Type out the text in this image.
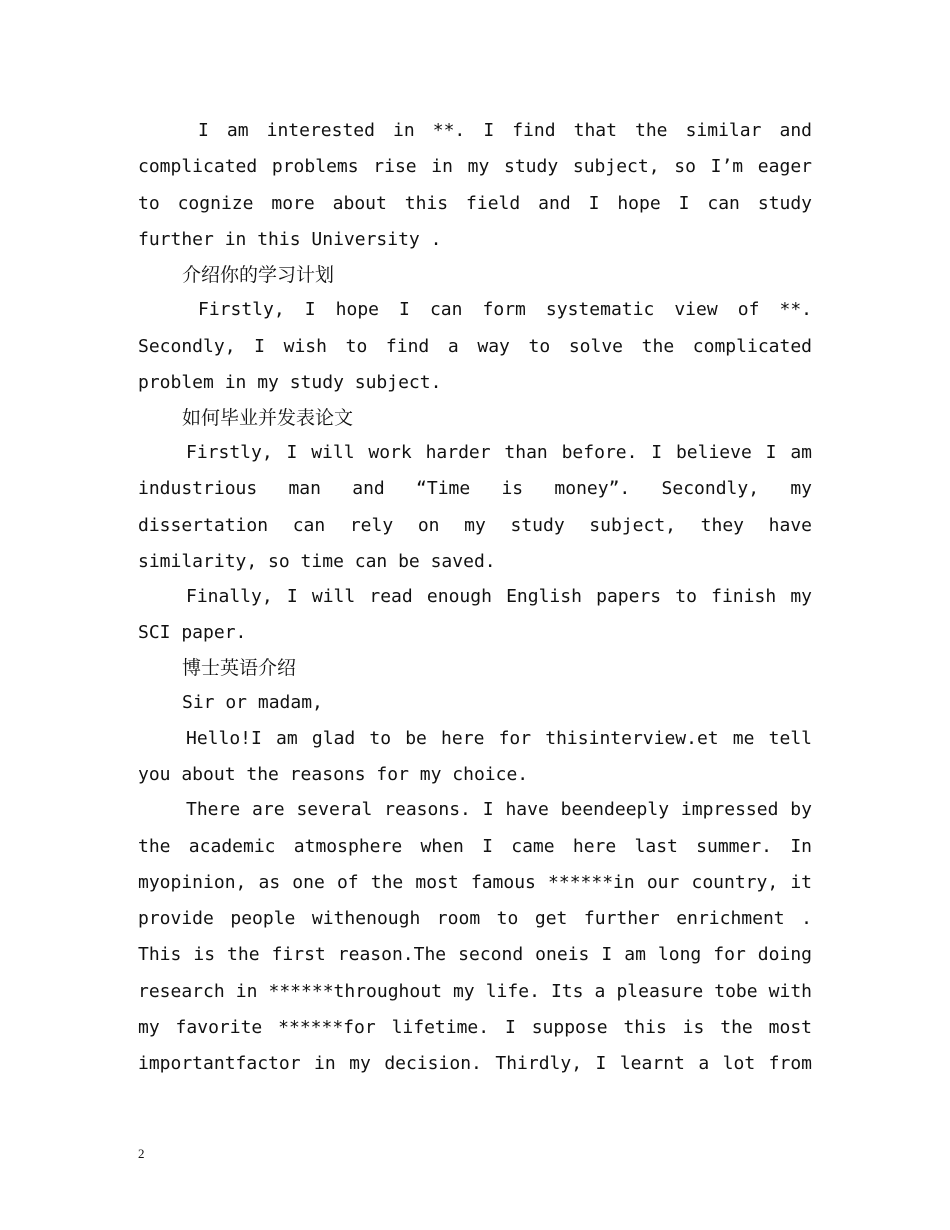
I am interested in **. I find that the similar and
complicated problems rise in my study subject, so I’m eager
to cognize more about this field and I hope I can study
further in this University .
介绍你的学习计划
Firstly, I hope I can form systematic view of **.
Secondly, I wish to find a way to solve the complicated
problem in my study subject.
如何毕业并发表论文
Firstly, I will work harder than before. I believe I am
industrious man and “Time is money”. Secondly, my
dissertation can rely on my study subject, they have
similarity, so time can be saved.
Finally, I will read enough English papers to finish my
SCI paper.
博士英语介绍
Sir or madam,
Hello!I am glad to be here for thisinterview.et me tell
you about the reasons for my choice.
There are several reasons. I have beendeeply impressed by
the academic atmosphere when I came here last summer. In
myopinion, as one of the most famous ******in our country, it
provide people withenough room to get further enrichment .
This is the first reason.The second oneis I am long for doing
research in ******throughout my life. Its a pleasure tobe with
my favorite ******for lifetime. I suppose this is the most
importantfactor in my decision. Thirdly, I learnt a lot from
2
